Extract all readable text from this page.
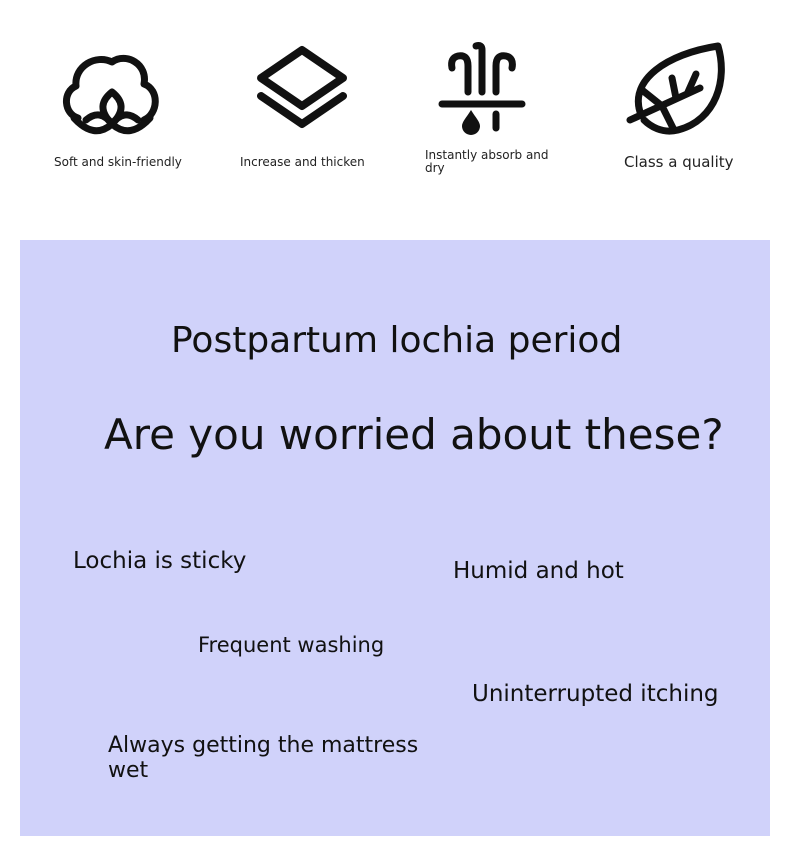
Soft and skin-friendly	Increase and thicken	Instantly absorb and dry	Class a quality
Postpartum lochia period
Are you worried about these?
Lochia is sticky	Humid and hot
Frequent washing
Uninterrupted itching
Always getting the mattress wet
